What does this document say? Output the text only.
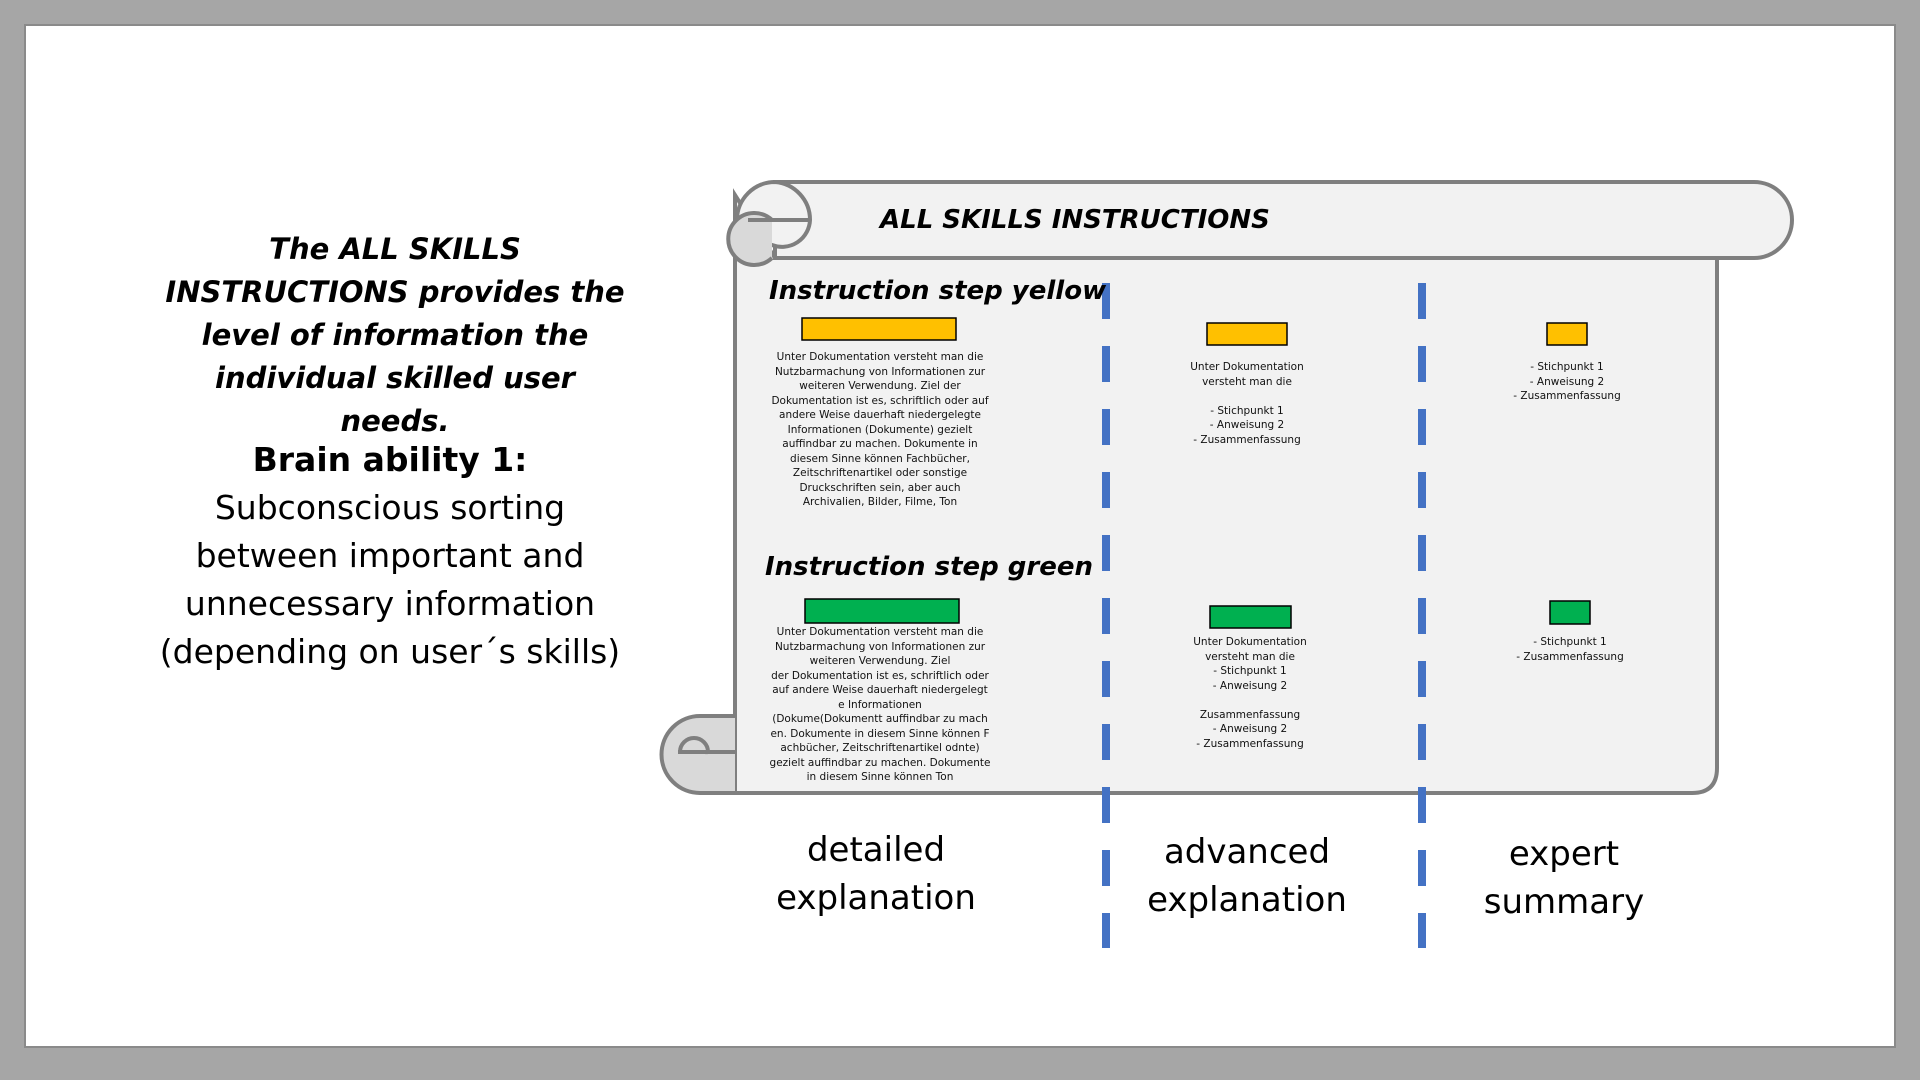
The ALL SKILLS
INSTRUCTIONS provides the
level of information the
individual skilled user needs.
Brain ability 1:
Subconscious sorting
between important and
unnecessary information
(depending on user´s skills)
ALL SKILLS INSTRUCTIONS
Instruction step yellow
Instruction step green
Unter Dokumentation versteht man die
Nutzbarmachung von Informationen zur
weiteren Verwendung. Ziel der
Dokumentation ist es, schriftlich oder auf
andere Weise dauerhaft niedergelegte
Informationen (Dokumente) gezielt
auffindbar zu machen. Dokumente in
diesem Sinne können Fachbücher,
Zeitschriftenartikel oder sonstige
Druckschriften sein, aber auch
Archivalien, Bilder, Filme, Ton
Unter Dokumentation
versteht man die

- Stichpunkt 1
- Anweisung 2
- Zusammenfassung
- Stichpunkt 1
- Anweisung 2
- Zusammenfassung
Unter Dokumentation versteht man die
Nutzbarmachung von Informationen zur
weiteren Verwendung. Ziel
der Dokumentation ist es, schriftlich oder
auf andere Weise dauerhaft niedergelegt
e Informationen
(Dokume(Dokumentt auffindbar zu mach
en. Dokumente in diesem Sinne können F
achbücher, Zeitschriftenartikel odnte)
gezielt auffindbar zu machen. Dokumente
in diesem Sinne können Ton
Unter Dokumentation
versteht man die
- Stichpunkt 1
- Anweisung 2

Zusammenfassung
- Anweisung 2
- Zusammenfassung
- Stichpunkt 1
- Zusammenfassung
detailed
explanation
advanced
explanation
expert
summary
